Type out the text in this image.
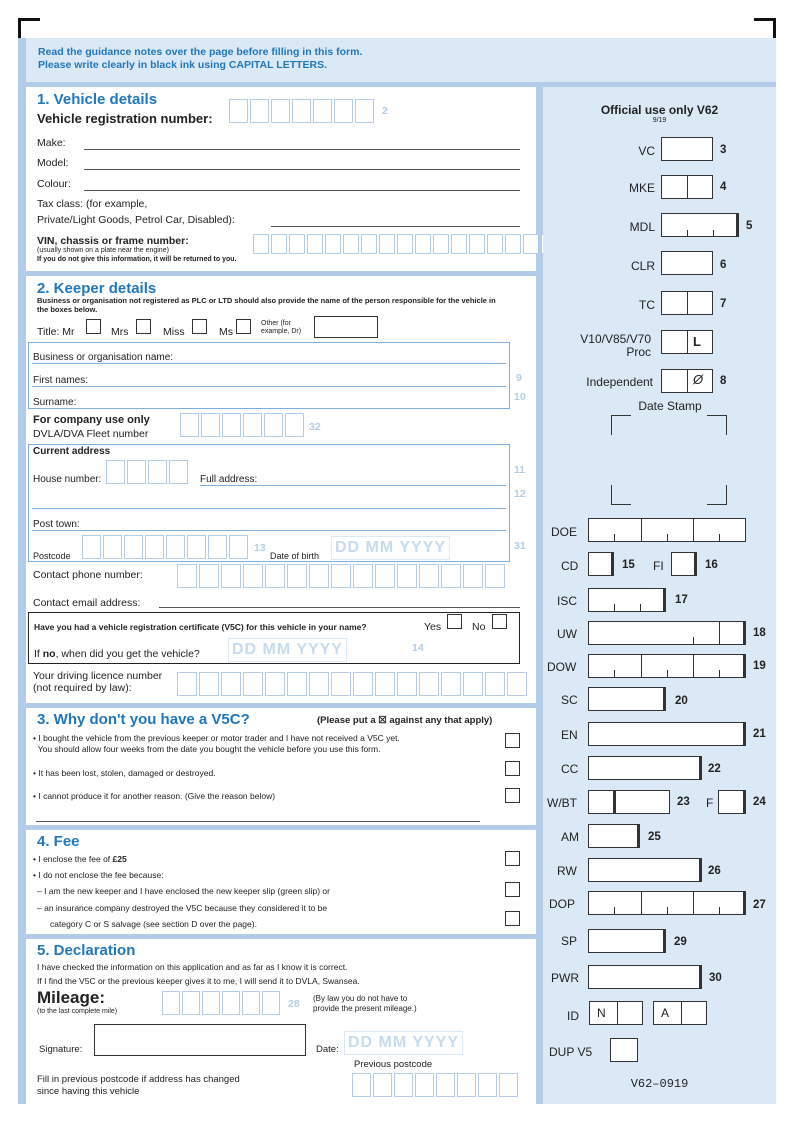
Read the guidance notes over the page before filling in this form.
Please write clearly in black ink using CAPITAL LETTERS.
1. Vehicle details
Vehicle registration number:	2
Make:
Model:
Colour:
Tax class: (for example,
Private/Light Goods, Petrol Car, Disabled):
VIN, chassis or frame number:
(usually shown on a plate near the engine)
If you do not give this information, it will be returned to you.
2. Keeper details
Business or organisation not registered as PLC or LTD should also provide the name of the person responsible for the vehicle in the boxes below.
Title: Mr	Mrs	Miss	Ms
Other (for example, Dr)
Business or organisation name:
First names:	9
Surname:	10
For company use only
DVLA/DVA Fleet number
32
Current address
House number:	Full address:
11
12
Post town:
Postcode
13
Date of birth DD MM YYYY	31
Contact phone number:
Contact email address:
Have you had a vehicle registration certificate (V5C) for this vehicle in your name?	Yes	No
If no, when did you get the vehicle? DD MM YYYY	14
Your driving licence number
(not required by law):
3. Why don't you have a V5C?	(Please put a ☒ against any that apply)
• I bought the vehicle from the previous keeper or motor trader and I have not received a V5C yet.
You should allow four weeks from the date you bought the vehicle before you use this form.
• It has been lost, stolen, damaged or destroyed.
• I cannot produce it for another reason. (Give the reason below)
4. Fee
• I enclose the fee of £25
• I do not enclose the fee because:
– I am the new keeper and I have enclosed the new keeper slip (green slip) or
– an insurance company destroyed the V5C because they considered it to be
category C or S salvage (see section D over the page).
5. Declaration
I have checked the information on this application and as far as I know it is correct.
If I find the V5C or the previous keeper gives it to me, I will send it to DVLA, Swansea.
Mileage:
(to the last complete mile)
28 (By law you do not have to
provide the present mileage.)
Signature:	Date: DD MM YYYY
Previous postcode
Fill in previous postcode if address has changed
since having this vehicle
Official use only V62
9/19
VC	3
MKE	4
MDL	5
CLR	6
TC	7
V10/V85/V70
Proc
L
Independent	Ø 8
Date Stamp
DOE
CD	15 FI	16
ISC	17
UW	18
DOW	19
SC	20
EN	21
CC	22
W/BT	23 F	24
AM	25
RW	26
DOP	27
SP	29
PWR	30
ID N	A
DUP V5
V62–0919
